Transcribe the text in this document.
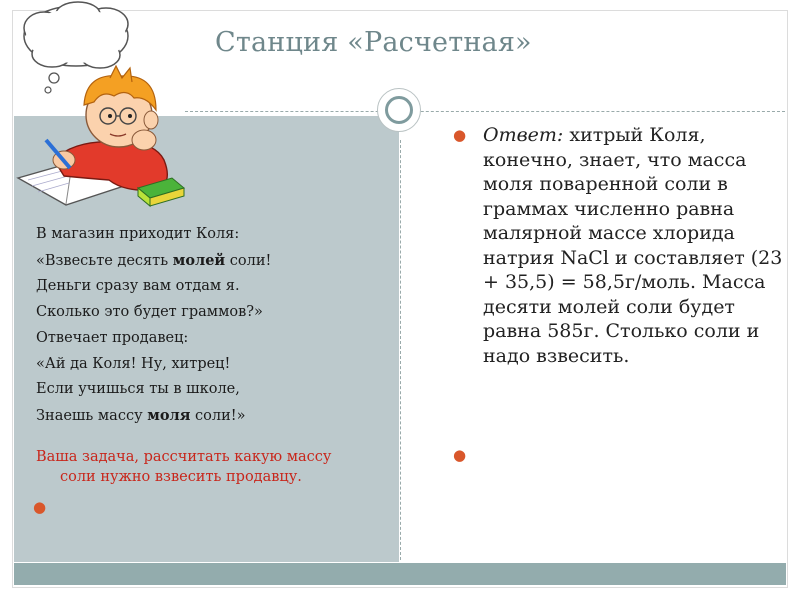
Станция «Расчетная»
В магазин приходит Коля:
«Взвесьте десять молей соли!
Деньги сразу вам отдам я.
Сколько это будет граммов?»
Отвечает продавец:
«Ай да Коля! Ну, хитрец!
Если учишься ты в школе,
Знаешь массу моля соли!»
Ваша задача, рассчитать какую массу
соли нужно взвесить продавцу.
●
● Ответ: хитрый Коля, конечно, знает, что масса моля поваренной соли в граммах численно равна малярной массе хлорида натрия NaCl и составляет (23 + 35,5) = 58,5г/моль. Масса десяти молей соли будет равна 585г. Столько соли и надо взвесить.
●
